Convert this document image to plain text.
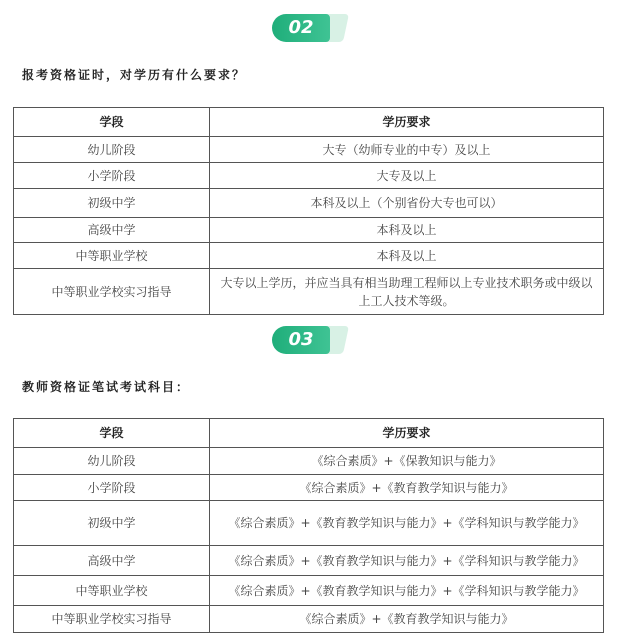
02
报考资格证时，对学历有什么要求？
学段	学历要求
幼儿阶段	大专（幼师专业的中专）及以上
小学阶段	大专及以上
初级中学	本科及以上（个别省份大专也可以）
高级中学	本科及以上
中等职业学校	本科及以上
中等职业学校实习指导	大专以上学历，并应当具有相当助理工程师以上专业技术职务或中级以上工人技术等级。
03
教师资格证笔试考试科目：
学段	学历要求
幼儿阶段	《综合素质》+《保教知识与能力》
小学阶段	《综合素质》+《教育教学知识与能力》
初级中学	《综合素质》+《教育教学知识与能力》+《学科知识与教学能力》
高级中学	《综合素质》+《教育教学知识与能力》+《学科知识与教学能力》
中等职业学校	《综合素质》+《教育教学知识与能力》+《学科知识与教学能力》
中等职业学校实习指导	《综合素质》+《教育教学知识与能力》
